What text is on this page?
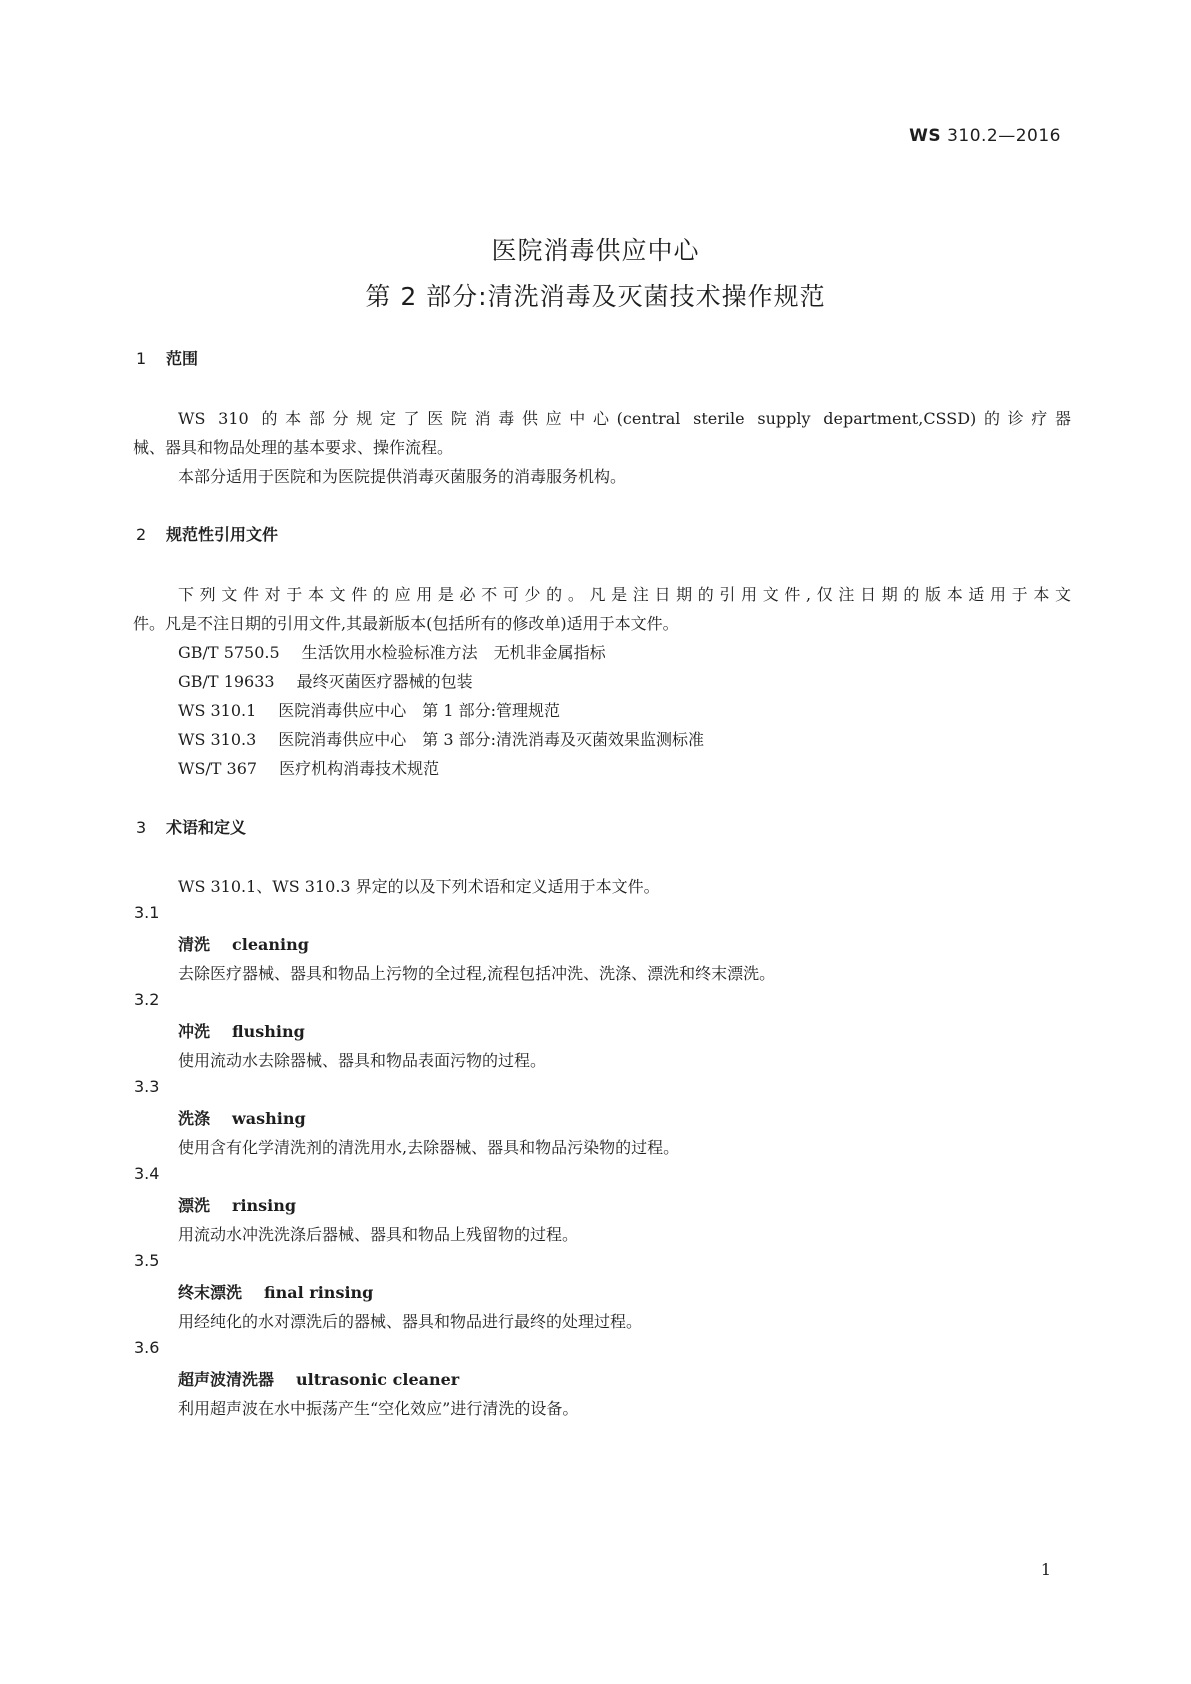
WS 310.2—2016
医院消毒供应中心
第 2 部分:清洗消毒及灭菌技术操作规范
1 范围
WS 310 的本部分规定了医院消毒供应中心(central sterile supply department,CSSD)的诊疗器
械、器具和物品处理的基本要求、操作流程。
本部分适用于医院和为医院提供消毒灭菌服务的消毒服务机构。
2 规范性引用文件
下列文件对于本文件的应用是必不可少的。凡是注日期的引用文件,仅注日期的版本适用于本文
件。凡是不注日期的引用文件,其最新版本(包括所有的修改单)适用于本文件。
GB/T 5750.5 生活饮用水检验标准方法　无机非金属指标
GB/T 19633 最终灭菌医疗器械的包装
WS 310.1 医院消毒供应中心　第 1 部分:管理规范
WS 310.3 医院消毒供应中心　第 3 部分:清洗消毒及灭菌效果监测标准
WS/T 367 医疗机构消毒技术规范
3 术语和定义
WS 310.1、WS 310.3 界定的以及下列术语和定义适用于本文件。
3.1
清洗 cleaning
去除医疗器械、器具和物品上污物的全过程,流程包括冲洗、洗涤、漂洗和终末漂洗。
3.2
冲洗 flushing
使用流动水去除器械、器具和物品表面污物的过程。
3.3
洗涤 washing
使用含有化学清洗剂的清洗用水,去除器械、器具和物品污染物的过程。
3.4
漂洗 rinsing
用流动水冲洗洗涤后器械、器具和物品上残留物的过程。
3.5
终末漂洗 final rinsing
用经纯化的水对漂洗后的器械、器具和物品进行最终的处理过程。
3.6
超声波清洗器 ultrasonic cleaner
利用超声波在水中振荡产生“空化效应”进行清洗的设备。
1
